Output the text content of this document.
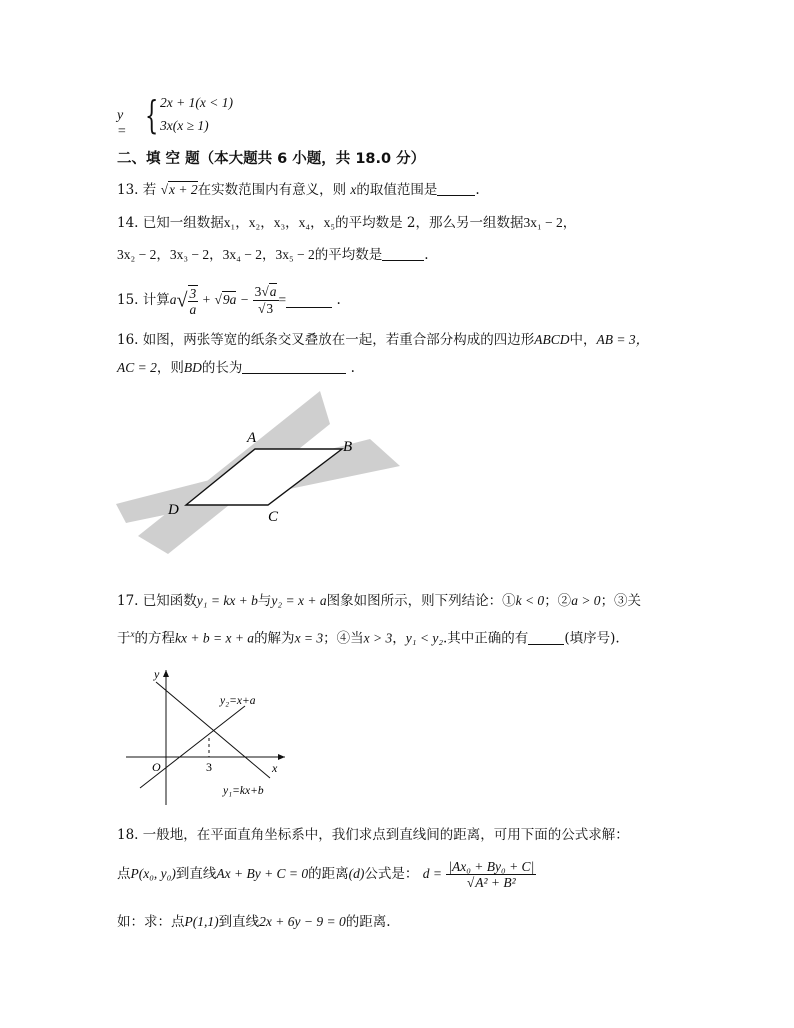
y = { 2x + 1(x < 1)
3x(x ≥ 1)
二、填 空 题（本大题共 6 小题，共 18.0 分）
13. 若 √x + 2在实数范围内有意义，则 x的取值范围是	.
14. 已知一组数据x₁，x₂，x₃，x₄，x₅的平均数是 2，那么另一组数据3x₁ − 2，
3x₂ − 2，3x₃ − 2，3x₄ − 2，3x₅ − 2的平均数是	.
15. 计算$a√ \frac{3}{a} + √9a - \frac{3√a}{√3}$ =	.
16. 如图，两张等宽的纸条交叉叠放在一起，若重合部分构成的四边形ABCD中，AB = 3，
AC = 2，则BD的长为	.
A
B
C
D
17. 已知函数y₁ = kx + b与y₂ = x + a图象如图所示，则下列结论：①k < 0；②a > 0；③关
于$^x$的方程kx + b = x + a的解为x = 3；④当x > 3，y₁ < y₂.其中正确的有	(填序号).
y
x
O	3
y₂=x+a
y₁=kx+b
18. 一般地，在平面直角坐标系中，我们求点到直线间的距离，可用下面的公式求解：
点P(x₀, y₀)到直线Ax + By + C = 0的距离(d)公式是： $d = \frac{\text{|Ax₀ + By₀ + C|}}{\text{√A² + B²}}$
如：求：点P(1,1)到直线2x + 6y − 9 = 0的距离.
